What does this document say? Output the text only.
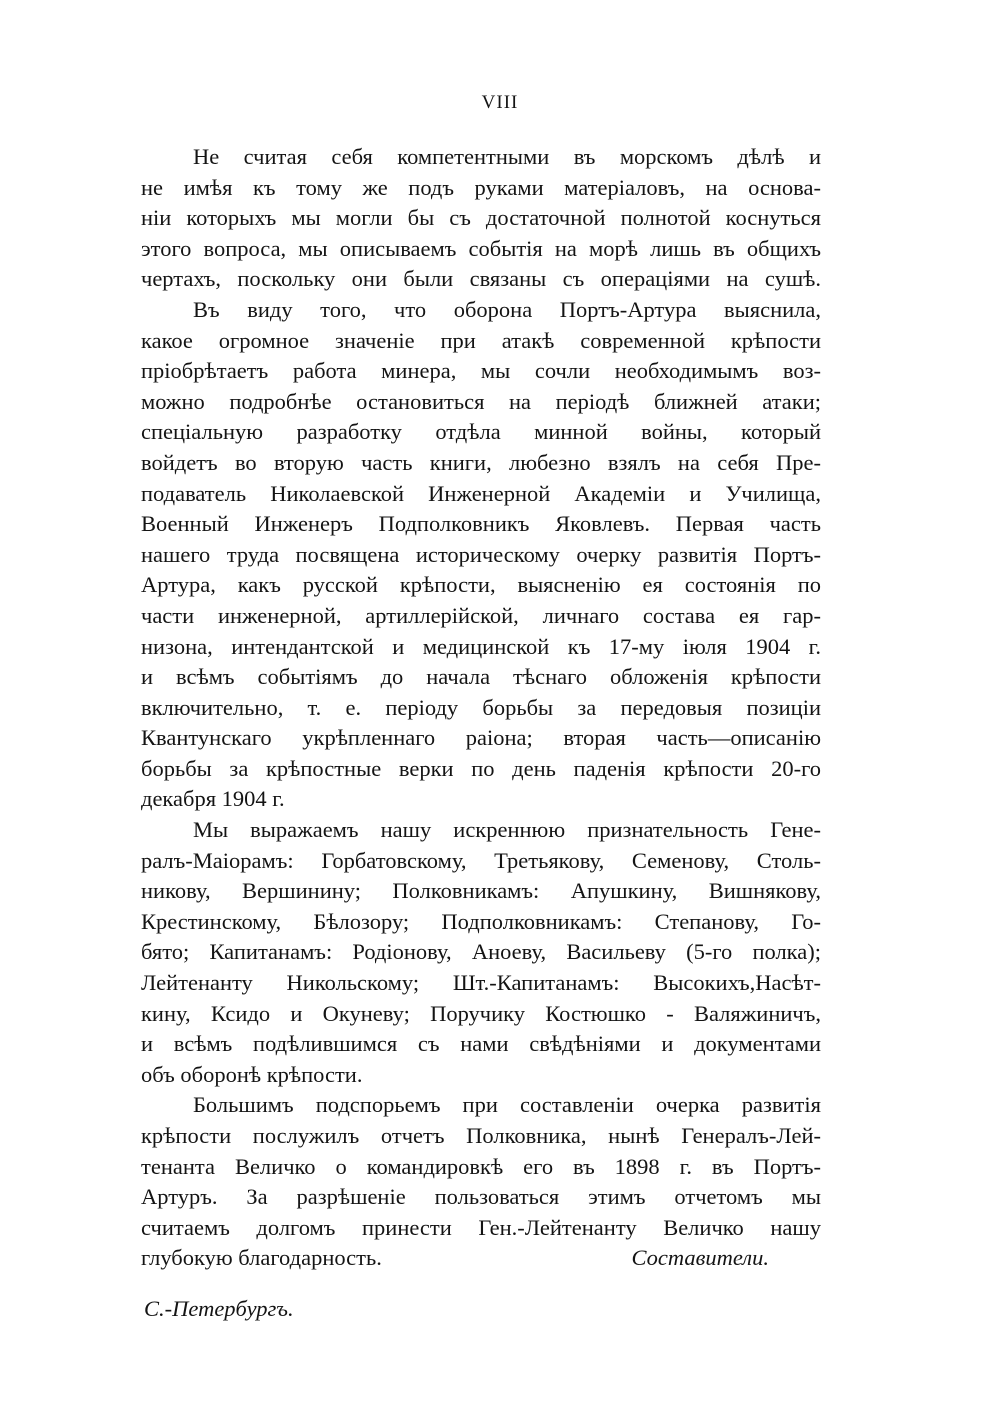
VIII
Не считая себя компетентными въ морскомъ дѣлѣ и
не имѣя къ тому же подъ руками матеріаловъ, на основа-
ніи которыхъ мы могли бы съ достаточной полнотой коснуться
этого вопроса, мы описываемъ событія на морѣ лишь въ общихъ
чертахъ, поскольку они были связаны съ операціями на сушѣ.
Въ виду того, что оборона Портъ-Артура выяснила,
какое огромное значеніе при атакѣ современной крѣпости
пріобрѣтаетъ работа минера, мы сочли необходимымъ воз-
можно подробнѣе остановиться на періодѣ ближней атаки;
спеціальную разработку отдѣла минной войны, который
войдетъ во вторую часть книги, любезно взялъ на себя Пре-
подаватель Николаевской Инженерной Академіи и Училища,
Военный Инженеръ Подполковникъ Яковлевъ. Первая часть
нашего труда посвящена историческому очерку развитія Портъ-
Артура, какъ русской крѣпости, выясненію ея состоянія по
части инженерной, артиллерійской, личнаго состава ея гар-
низона, интендантской и медицинской къ 17-му іюля 1904 г.
и всѣмъ событіямъ до начала тѣснаго обложенія крѣпости
включительно, т. е. періоду борьбы за передовыя позиціи
Квантунскаго укрѣпленнаго раіона; вторая часть—описанію
борьбы за крѣпостные верки по день паденія крѣпости 20-го
декабря 1904 г.
Мы выражаемъ нашу искреннюю признательность Гене-
ралъ-Маіорамъ: Горбатовскому, Третьякову, Семенову, Столь-
никову, Вершинину; Полковникамъ: Апушкину, Вишнякову,
Крестинскому, Бѣлозору; Подполковникамъ: Степанову, Го-
бято; Капитанамъ: Родіонову, Аноеву, Васильеву (5-го полка);
Лейтенанту Никольскому; Шт.-Капитанамъ: Высокихъ,Насѣт-
кину, Ксидо и Окуневу; Поручику Костюшко - Валяжиничъ,
и всѣмъ подѣлившимся съ нами свѣдѣніями и документами
объ оборонѣ крѣпости.
Большимъ подспорьемъ при составленіи очерка развитія
крѣпости послужилъ отчетъ Полковника, нынѣ Генералъ-Лей-
тенанта Величко о командировкѣ его въ 1898 г. въ Портъ-
Артуръ. За разрѣшеніе пользоваться этимъ отчетомъ мы
считаемъ долгомъ принести Ген.-Лейтенанту Величко нашу
глубокую благодарность.	Составители.
С.-Петербургъ.
